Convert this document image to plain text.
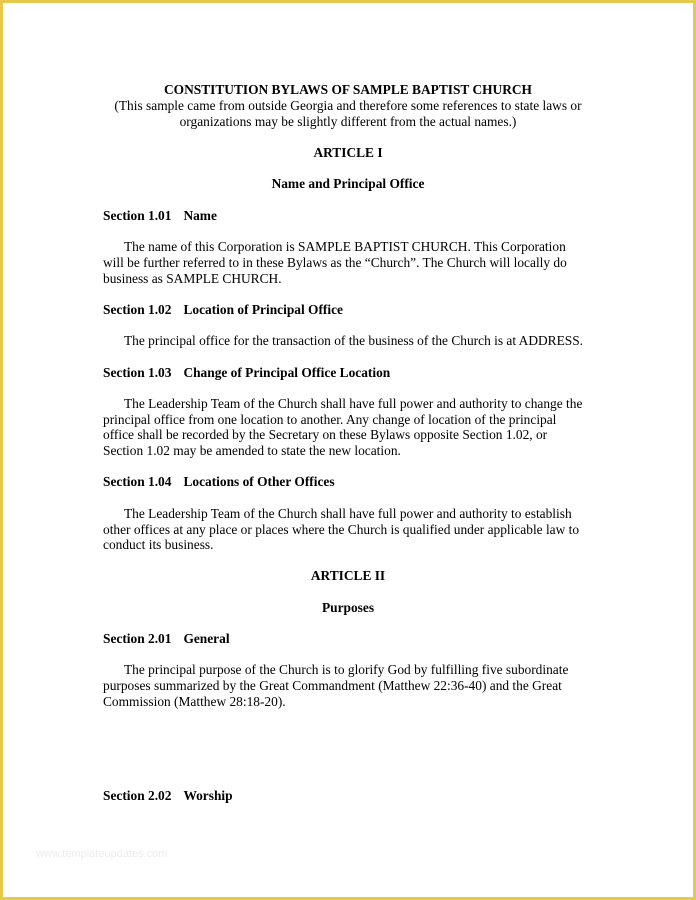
CONSTITUTION BYLAWS OF SAMPLE BAPTIST CHURCH
(This sample came from outside Georgia and therefore some references to state laws or
organizations may be slightly different from the actual names.)
ARTICLE I
Name and Principal Office
Section 1.01 Name
The name of this Corporation is SAMPLE BAPTIST CHURCH. This Corporation
will be further referred to in these Bylaws as the “Church”. The Church will locally do
business as SAMPLE CHURCH.
Section 1.02 Location of Principal Office
The principal office for the transaction of the business of the Church is at ADDRESS.
Section 1.03 Change of Principal Office Location
The Leadership Team of the Church shall have full power and authority to change the
principal office from one location to another. Any change of location of the principal
office shall be recorded by the Secretary on these Bylaws opposite Section 1.02, or
Section 1.02 may be amended to state the new location.
Section 1.04 Locations of Other Offices
The Leadership Team of the Church shall have full power and authority to establish
other offices at any place or places where the Church is qualified under applicable law to
conduct its business.
ARTICLE II
Purposes
Section 2.01 General
The principal purpose of the Church is to glorify God by fulfilling five subordinate
purposes summarized by the Great Commandment (Matthew 22:36-40) and the Great
Commission (Matthew 28:18-20).
Section 2.02 Worship
www.templateupdates.com
